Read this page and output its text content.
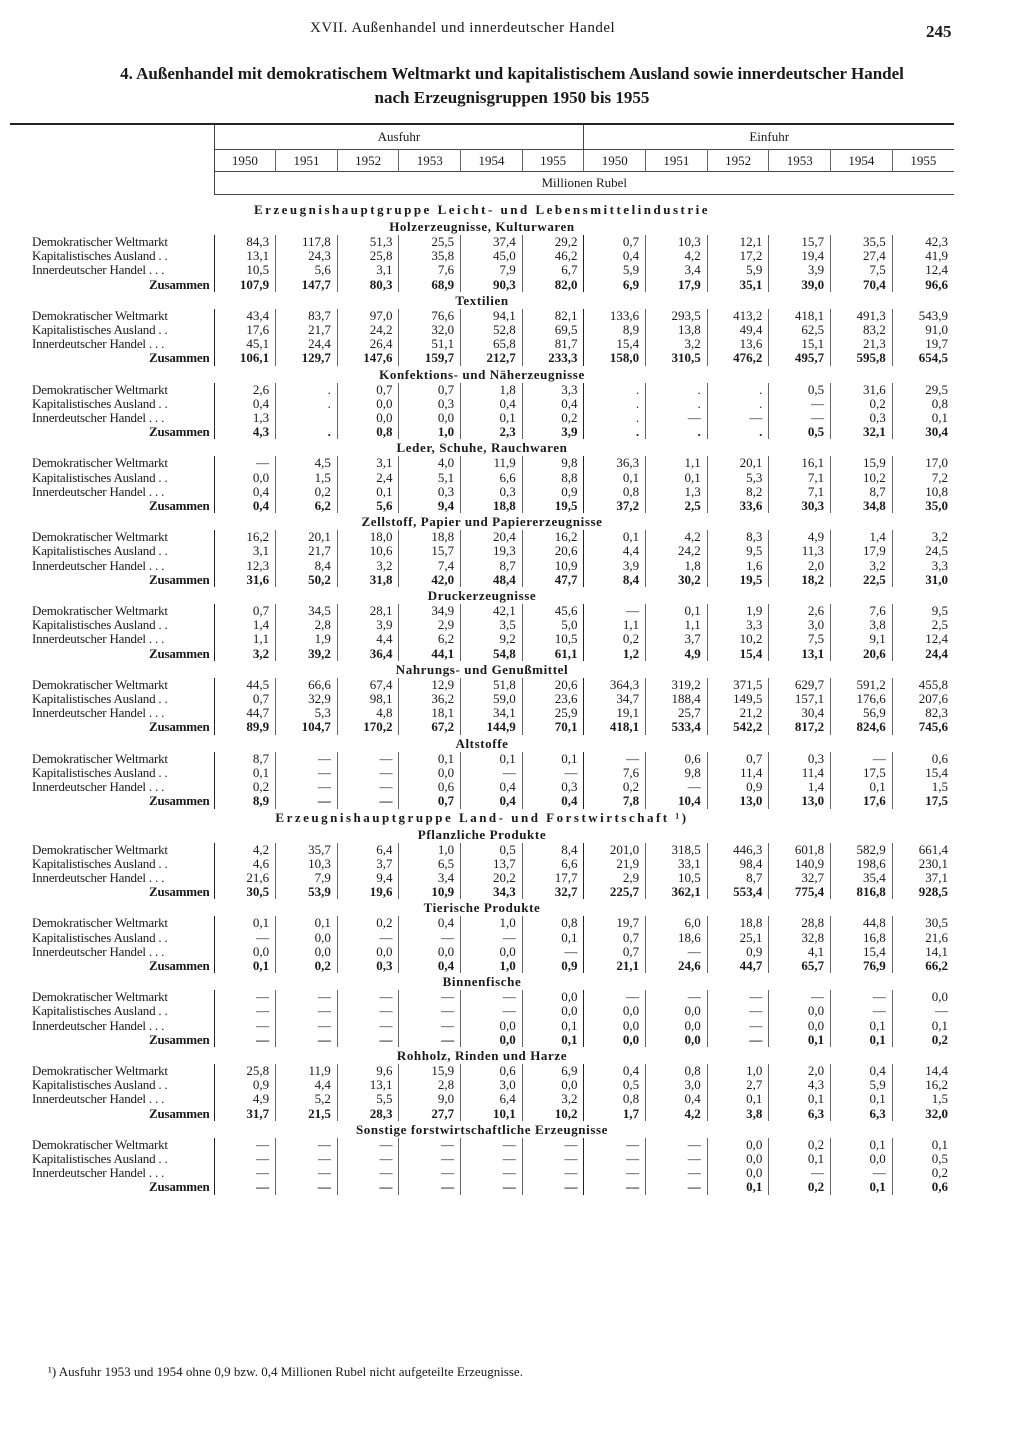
XVII. Außenhandel und innerdeutscher Handel	245
4. Außenhandel mit demokratischem Weltmarkt und kapitalistischem Ausland sowie innerdeutscher Handel
nach Erzeugnisgruppen 1950 bis 1955
	Ausfuhr						Einfuhr					
	1950	1951	1952	1953	1954	1955	1950	1951	1952	1953	1954	1955
	Millionen Rubel											
Erzeugnishauptgruppe Leicht- und Lebensmittelindustrie												
Holzerzeugnisse, Kulturwaren												
Demokratischer Weltmarkt	84,3	117,8	51,3	25,5	37,4	29,2	0,7	10,3	12,1	15,7	35,5	42,3
Kapitalistisches Ausland . .	13,1	24,3	25,8	35,8	45,0	46,2	0,4	4,2	17,2	19,4	27,4	41,9
Innerdeutscher Handel . . .	10,5	5,6	3,1	7,6	7,9	6,7	5,9	3,4	5,9	3,9	7,5	12,4
Zusammen	107,9	147,7	80,3	68,9	90,3	82,0	6,9	17,9	35,1	39,0	70,4	96,6
Textilien												
Demokratischer Weltmarkt	43,4	83,7	97,0	76,6	94,1	82,1	133,6	293,5	413,2	418,1	491,3	543,9
Kapitalistisches Ausland . .	17,6	21,7	24,2	32,0	52,8	69,5	8,9	13,8	49,4	62,5	83,2	91,0
Innerdeutscher Handel . . .	45,1	24,4	26,4	51,1	65,8	81,7	15,4	3,2	13,6	15,1	21,3	19,7
Zusammen	106,1	129,7	147,6	159,7	212,7	233,3	158,0	310,5	476,2	495,7	595,8	654,5
Konfektions- und Näherzeugnisse												
Demokratischer Weltmarkt	2,6	.	0,7	0,7	1,8	3,3	.	.	.	0,5	31,6	29,5
Kapitalistisches Ausland . .	0,4	.	0,0	0,3	0,4	0,4	.	.	.	—	0,2	0,8
Innerdeutscher Handel . . .	1,3		0,0	0,0	0,1	0,2	.	—	—	—	0,3	0,1
Zusammen	4,3	.	0,8	1,0	2,3	3,9	.	.	.	0,5	32,1	30,4
Leder, Schuhe, Rauchwaren												
Demokratischer Weltmarkt	—	4,5	3,1	4,0	11,9	9,8	36,3	1,1	20,1	16,1	15,9	17,0
Kapitalistisches Ausland . .	0,0	1,5	2,4	5,1	6,6	8,8	0,1	0,1	5,3	7,1	10,2	7,2
Innerdeutscher Handel . . .	0,4	0,2	0,1	0,3	0,3	0,9	0,8	1,3	8,2	7,1	8,7	10,8
Zusammen	0,4	6,2	5,6	9,4	18,8	19,5	37,2	2,5	33,6	30,3	34,8	35,0
Zellstoff, Papier und Papiererzeugnisse												
Demokratischer Weltmarkt	16,2	20,1	18,0	18,8	20,4	16,2	0,1	4,2	8,3	4,9	1,4	3,2
Kapitalistisches Ausland . .	3,1	21,7	10,6	15,7	19,3	20,6	4,4	24,2	9,5	11,3	17,9	24,5
Innerdeutscher Handel . . .	12,3	8,4	3,2	7,4	8,7	10,9	3,9	1,8	1,6	2,0	3,2	3,3
Zusammen	31,6	50,2	31,8	42,0	48,4	47,7	8,4	30,2	19,5	18,2	22,5	31,0
Druckerzeugnisse												
Demokratischer Weltmarkt	0,7	34,5	28,1	34,9	42,1	45,6	—	0,1	1,9	2,6	7,6	9,5
Kapitalistisches Ausland . .	1,4	2,8	3,9	2,9	3,5	5,0	1,1	1,1	3,3	3,0	3,8	2,5
Innerdeutscher Handel . . .	1,1	1,9	4,4	6,2	9,2	10,5	0,2	3,7	10,2	7,5	9,1	12,4
Zusammen	3,2	39,2	36,4	44,1	54,8	61,1	1,2	4,9	15,4	13,1	20,6	24,4
Nahrungs- und Genußmittel												
Demokratischer Weltmarkt	44,5	66,6	67,4	12,9	51,8	20,6	364,3	319,2	371,5	629,7	591,2	455,8
Kapitalistisches Ausland . .	0,7	32,9	98,1	36,2	59,0	23,6	34,7	188,4	149,5	157,1	176,6	207,6
Innerdeutscher Handel . . .	44,7	5,3	4,8	18,1	34,1	25,9	19,1	25,7	21,2	30,4	56,9	82,3
Zusammen	89,9	104,7	170,2	67,2	144,9	70,1	418,1	533,4	542,2	817,2	824,6	745,6
Altstoffe												
Demokratischer Weltmarkt	8,7	—	—	0,1	0,1	0,1	—	0,6	0,7	0,3	—	0,6
Kapitalistisches Ausland . .	0,1	—	—	0,0	—	—	7,6	9,8	11,4	11,4	17,5	15,4
Innerdeutscher Handel . . .	0,2	—	—	0,6	0,4	0,3	0,2	—	0,9	1,4	0,1	1,5
Zusammen	8,9	—	—	0,7	0,4	0,4	7,8	10,4	13,0	13,0	17,6	17,5
Erzeugnishauptgruppe Land- und Forstwirtschaft ¹)												
Pflanzliche Produkte												
Demokratischer Weltmarkt	4,2	35,7	6,4	1,0	0,5	8,4	201,0	318,5	446,3	601,8	582,9	661,4
Kapitalistisches Ausland . .	4,6	10,3	3,7	6,5	13,7	6,6	21,9	33,1	98,4	140,9	198,6	230,1
Innerdeutscher Handel . . .	21,6	7,9	9,4	3,4	20,2	17,7	2,9	10,5	8,7	32,7	35,4	37,1
Zusammen	30,5	53,9	19,6	10,9	34,3	32,7	225,7	362,1	553,4	775,4	816,8	928,5
Tierische Produkte												
Demokratischer Weltmarkt	0,1	0,1	0,2	0,4	1,0	0,8	19,7	6,0	18,8	28,8	44,8	30,5
Kapitalistisches Ausland . .	—	0,0	—	—	—	0,1	0,7	18,6	25,1	32,8	16,8	21,6
Innerdeutscher Handel . . .	0,0	0,0	0,0	0,0	0,0	—	0,7	—	0,9	4,1	15,4	14,1
Zusammen	0,1	0,2	0,3	0,4	1,0	0,9	21,1	24,6	44,7	65,7	76,9	66,2
Binnenfische												
Demokratischer Weltmarkt	—	—	—	—	—	0,0	—	—	—	—	—	0,0
Kapitalistisches Ausland . .	—	—	—	—	—	0,0	0,0	0,0	—	0,0	—	—
Innerdeutscher Handel . . .	—	—	—	—	0,0	0,1	0,0	0,0	—	0,0	0,1	0,1
Zusammen	—	—	—	—	0,0	0,1	0,0	0,0	—	0,1	0,1	0,2
Rohholz, Rinden und Harze												
Demokratischer Weltmarkt	25,8	11,9	9,6	15,9	0,6	6,9	0,4	0,8	1,0	2,0	0,4	14,4
Kapitalistisches Ausland . .	0,9	4,4	13,1	2,8	3,0	0,0	0,5	3,0	2,7	4,3	5,9	16,2
Innerdeutscher Handel . . .	4,9	5,2	5,5	9,0	6,4	3,2	0,8	0,4	0,1	0,1	0,1	1,5
Zusammen	31,7	21,5	28,3	27,7	10,1	10,2	1,7	4,2	3,8	6,3	6,3	32,0
Sonstige forstwirtschaftliche Erzeugnisse												
Demokratischer Weltmarkt	—	—	—	—	—	—	—	—	0,0	0,2	0,1	0,1
Kapitalistisches Ausland . .	—	—	—	—	—	—	—	—	0,0	0,1	0,0	0,5
Innerdeutscher Handel . . .	—	—	—	—	—	—	—	—	0,0	—	—	0,2
Zusammen	—	—	—	—	—	—	—	—	0,1	0,2	0,1	0,6
¹) Ausfuhr 1953 und 1954 ohne 0,9 bzw. 0,4 Millionen Rubel nicht aufgeteilte Erzeugnisse.
